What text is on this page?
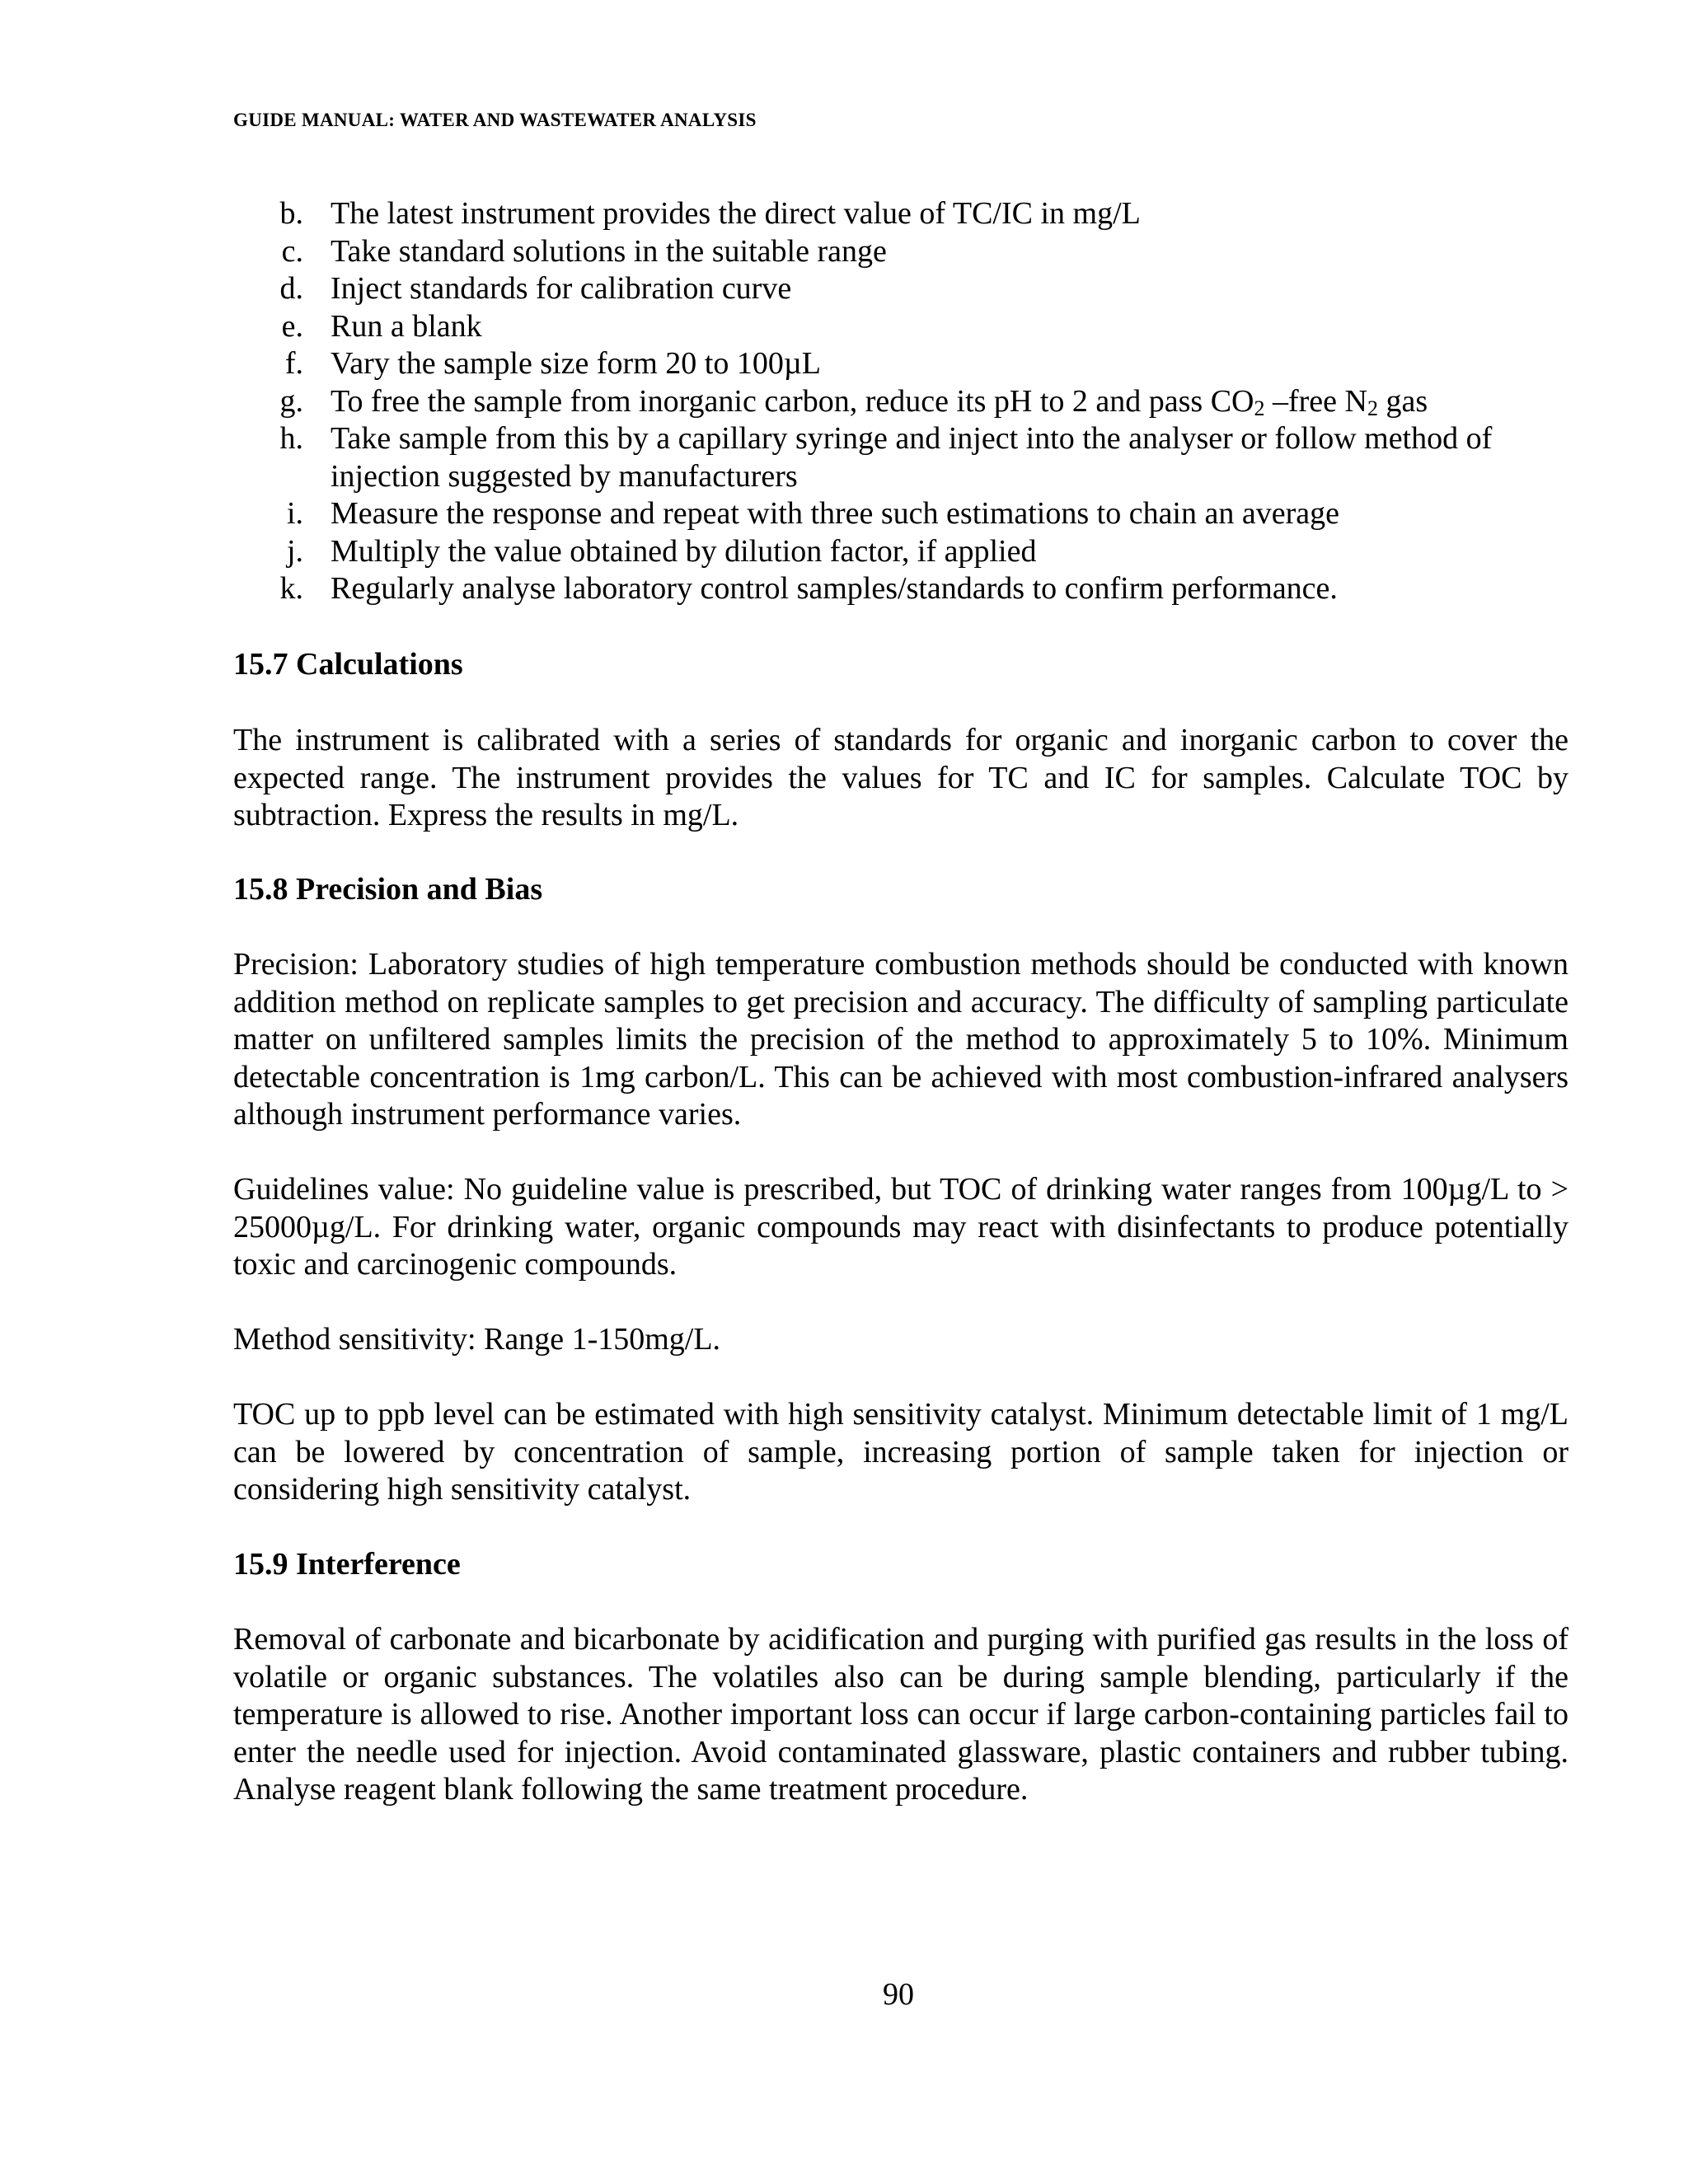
GUIDE MANUAL: WATER AND WASTEWATER ANALYSIS
b. The latest instrument provides the direct value of TC/IC in mg/L
c. Take standard solutions in the suitable range
d. Inject standards for calibration curve
e. Run a blank
f. Vary the sample size form 20 to 100µL
g. To free the sample from inorganic carbon, reduce its pH to 2 and pass $CO_2$ –free $N_2$ gas
h. Take sample from this by a capillary syringe and inject into the analyser or follow method of injection suggested by manufacturers
i. Measure the response and repeat with three such estimations to chain an average
j. Multiply the value obtained by dilution factor, if applied
k. Regularly analyse laboratory control samples/standards to confirm performance.
15.7 Calculations

The instrument is calibrated with a series of standards for organic and inorganic carbon to cover the expected range. The instrument provides the values for TC and IC for samples. Calculate TOC by subtraction. Express the results in mg/L.

15.8 Precision and Bias

Precision: Laboratory studies of high temperature combustion methods should be conducted with known addition method on replicate samples to get precision and accuracy. The difficulty of sampling particulate matter on unfiltered samples limits the precision of the method to approximately 5 to 10%. Minimum detectable concentration is 1mg carbon/L. This can be achieved with most combustion-infrared analysers although instrument performance varies.

Guidelines value: No guideline value is prescribed, but TOC of drinking water ranges from 100µg/L to > 25000µg/L. For drinking water, organic compounds may react with disinfectants to produce potentially toxic and carcinogenic compounds.

Method sensitivity: Range 1-150mg/L.

TOC up to ppb level can be estimated with high sensitivity catalyst. Minimum detectable limit of 1 mg/L can be lowered by concentration of sample, increasing portion of sample taken for injection or considering high sensitivity catalyst.

15.9 Interference

Removal of carbonate and bicarbonate by acidification and purging with purified gas results in the loss of volatile or organic substances. The volatiles also can be during sample blending, particularly if the temperature is allowed to rise. Another important loss can occur if large carbon-containing particles fail to enter the needle used for injection. Avoid contaminated glassware, plastic containers and rubber tubing. Analyse reagent blank following the same treatment procedure.

90
